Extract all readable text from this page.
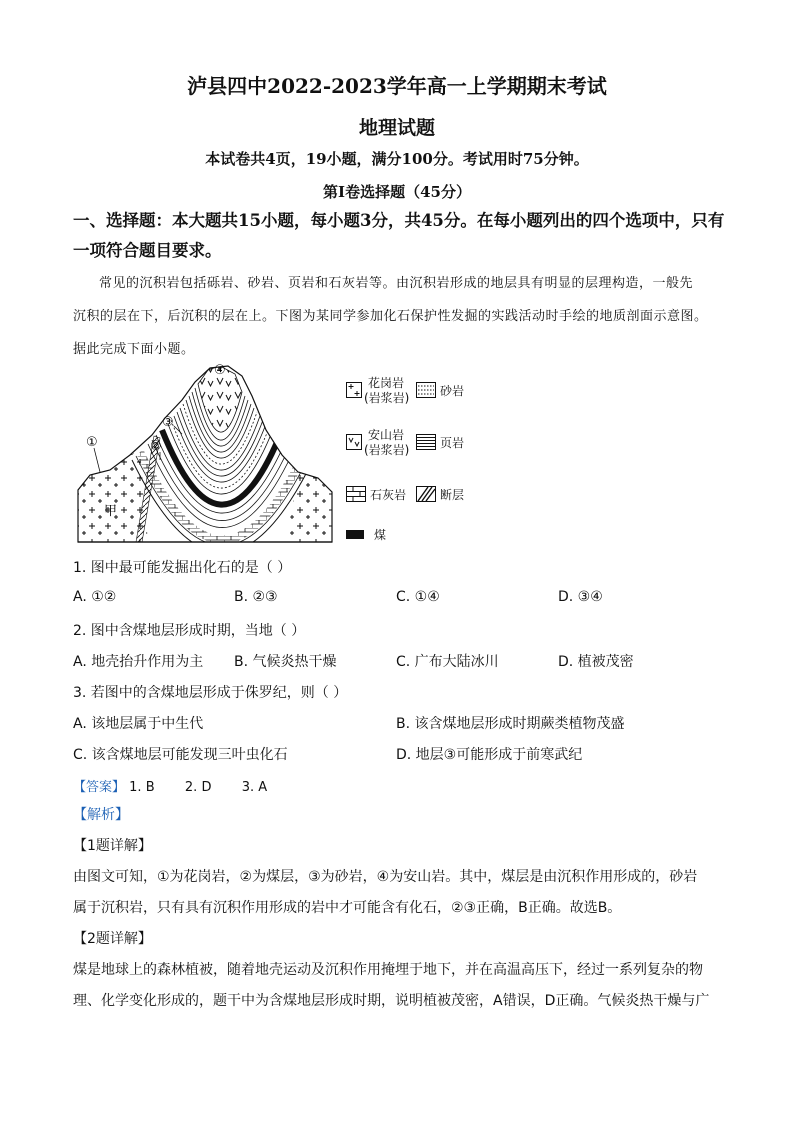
泸县四中2022-2023学年高一上学期期末考试
地理试题
本试卷共4页，19小题，满分100分。考试用时75分钟。
第Ⅰ卷选择题（45分）
一、选择题：本大题共15小题，每小题3分，共45分。在每小题列出的四个选项中，只有
一项符合题目要求。

常见的沉积岩包括砾岩、砂岩、页岩和石灰岩等。由沉积岩形成的地层具有明显的层理构造，一般先

沉积的层在下，后沉积的层在上。下图为某同学参加化石保护性发掘的实践活动时手绘的地质剖面示意图。

据此完成下面小题。

①	②
③
④
甲
花岗岩
(岩浆岩)	砂岩
安山岩
(岩浆岩)	页岩
石灰岩	断层
煤
1. 图中最可能发掘出化石的是（ ）
A. ①②	B. ②③	C. ①④	D. ③④
2. 图中含煤地层形成时期，当地（ ）
A. 地壳抬升作用为主 B. 气候炎热干燥	C. 广布大陆冰川	D. 植被茂密
3. 若图中的含煤地层形成于侏罗纪，则（ ）
A. 该地层属于中生代	B. 该含煤地层形成时期蕨类植物茂盛
C. 该含煤地层可能发现三叶虫化石	D. 地层③可能形成于前寒武纪
【答案】 1. B 2. D 3. A

【解析】

【1题详解】

由图文可知，①为花岗岩，②为煤层，③为砂岩，④为安山岩。其中，煤层是由沉积作用形成的，砂岩

属于沉积岩，只有具有沉积作用形成的岩中才可能含有化石，②③正确，B正确。故选B。

【2题详解】

煤是地球上的森林植被，随着地壳运动及沉积作用掩埋于地下，并在高温高压下，经过一系列复杂的物

理、化学变化形成的，题干中为含煤地层形成时期，说明植被茂密，A错误，D正确。气候炎热干燥与广
